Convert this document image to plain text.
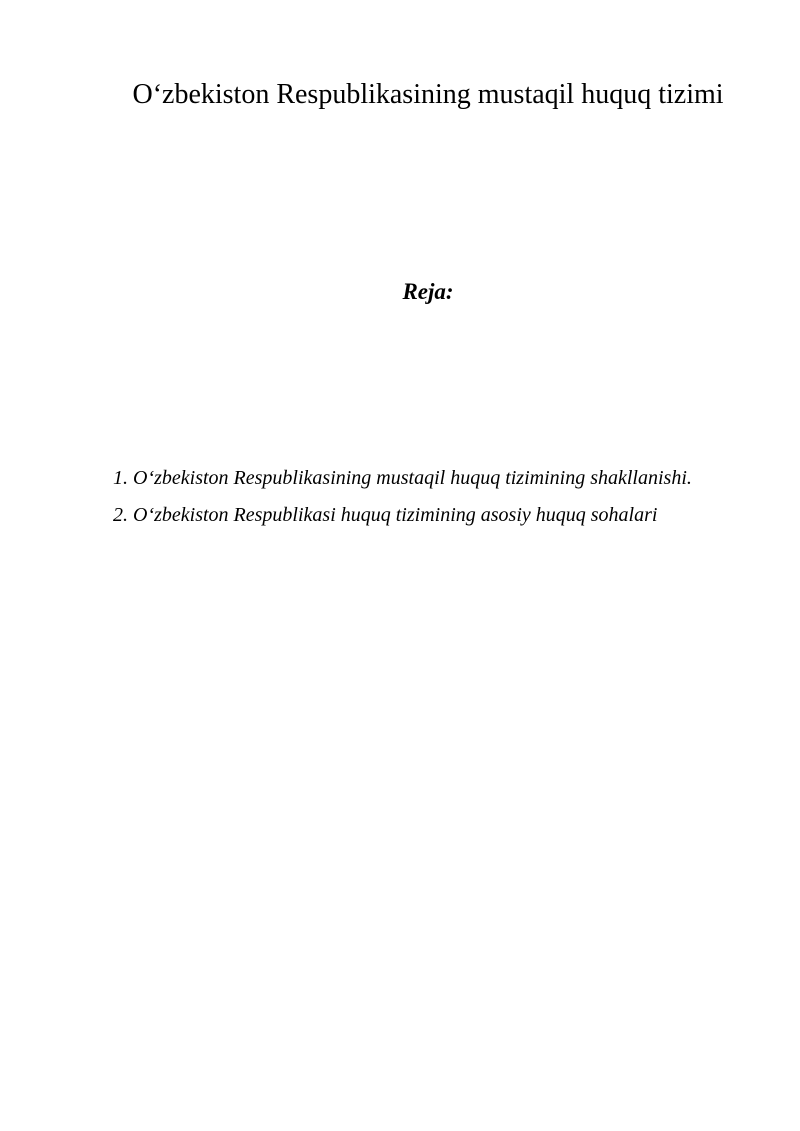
O‘zbekiston Respublikasining mustaqil huquq tizimi
Reja:
1. O‘zbekiston Respublikasining mustaqil huquq tizimining shakllanishi.
2. O‘zbekiston Respublikasi huquq tizimining asosiy huquq sohalari
